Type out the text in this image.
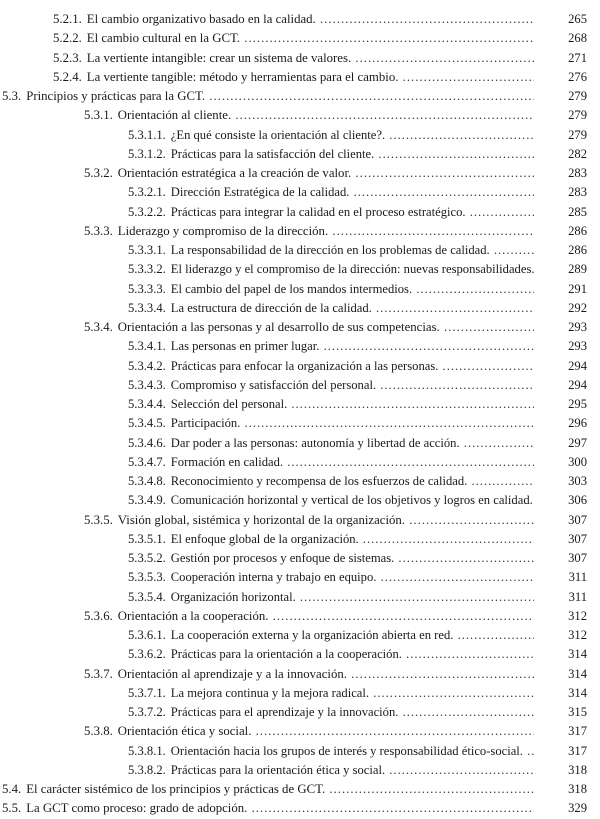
5.2.1. El cambio organizativo basado en la calidad. .....	265
5.2.2. El cambio cultural en la GCT. .....	268
5.2.3. La vertiente intangible: crear un sistema de valores. .....	271
5.2.4. La vertiente tangible: método y herramientas para el cambio. .....	276
5.3. Principios y prácticas para la GCT. .....	279
5.3.1. Orientación al cliente. .....	279
5.3.1.1. ¿En qué consiste la orientación al cliente?. .....	279
5.3.1.2. Prácticas para la satisfacción del cliente. .....	282
5.3.2. Orientación estratégica a la creación de valor. .....	283
5.3.2.1. Dirección Estratégica de la calidad. .....	283
5.3.2.2. Prácticas para integrar la calidad en el proceso estratégico. .....	285
5.3.3. Liderazgo y compromiso de la dirección. .....	286
5.3.3.1. La responsabilidad de la dirección en los problemas de calidad. .....	286
5.3.3.2. El liderazgo y el compromiso de la dirección: nuevas responsabilidades. .....	289
5.3.3.3. El cambio del papel de los mandos intermedios. .....	291
5.3.3.4. La estructura de dirección de la calidad. .....	292
5.3.4. Orientación a las personas y al desarrollo de sus competencias. .....	293
5.3.4.1. Las personas en primer lugar. .....	293
5.3.4.2. Prácticas para enfocar la organización a las personas. .....	294
5.3.4.3. Compromiso y satisfacción del personal. .....	294
5.3.4.4. Selección del personal. .....	295
5.3.4.5. Participación. .....	296
5.3.4.6. Dar poder a las personas: autonomía y libertad de acción. .....	297
5.3.4.7. Formación en calidad. .....	300
5.3.4.8. Reconocimiento y recompensa de los esfuerzos de calidad. .....	303
5.3.4.9. Comunicación horizontal y vertical de los objetivos y logros en calidad. .....	306
5.3.5. Visión global, sistémica y horizontal de la organización. .....	307
5.3.5.1. El enfoque global de la organización. .....	307
5.3.5.2. Gestión por procesos y enfoque de sistemas. .....	307
5.3.5.3. Cooperación interna y trabajo en equipo. .....	311
5.3.5.4. Organización horizontal. .....	311
5.3.6. Orientación a la cooperación. .....	312
5.3.6.1. La cooperación externa y la organización abierta en red. .....	312
5.3.6.2. Prácticas para la orientación a la cooperación. .....	314
5.3.7. Orientación al aprendizaje y a la innovación. .....	314
5.3.7.1. La mejora continua y la mejora radical. .....	314
5.3.7.2. Prácticas para el aprendizaje y la innovación. .....	315
5.3.8. Orientación ética y social. .....	317
5.3.8.1. Orientación hacia los grupos de interés y responsabilidad ético-social. .....	317
5.3.8.2. Prácticas para la orientación ética y social. .....	318
5.4. El carácter sistémico de los principios y prácticas de GCT. .....	318
5.5. La GCT como proceso: grado de adopción. .....	329
